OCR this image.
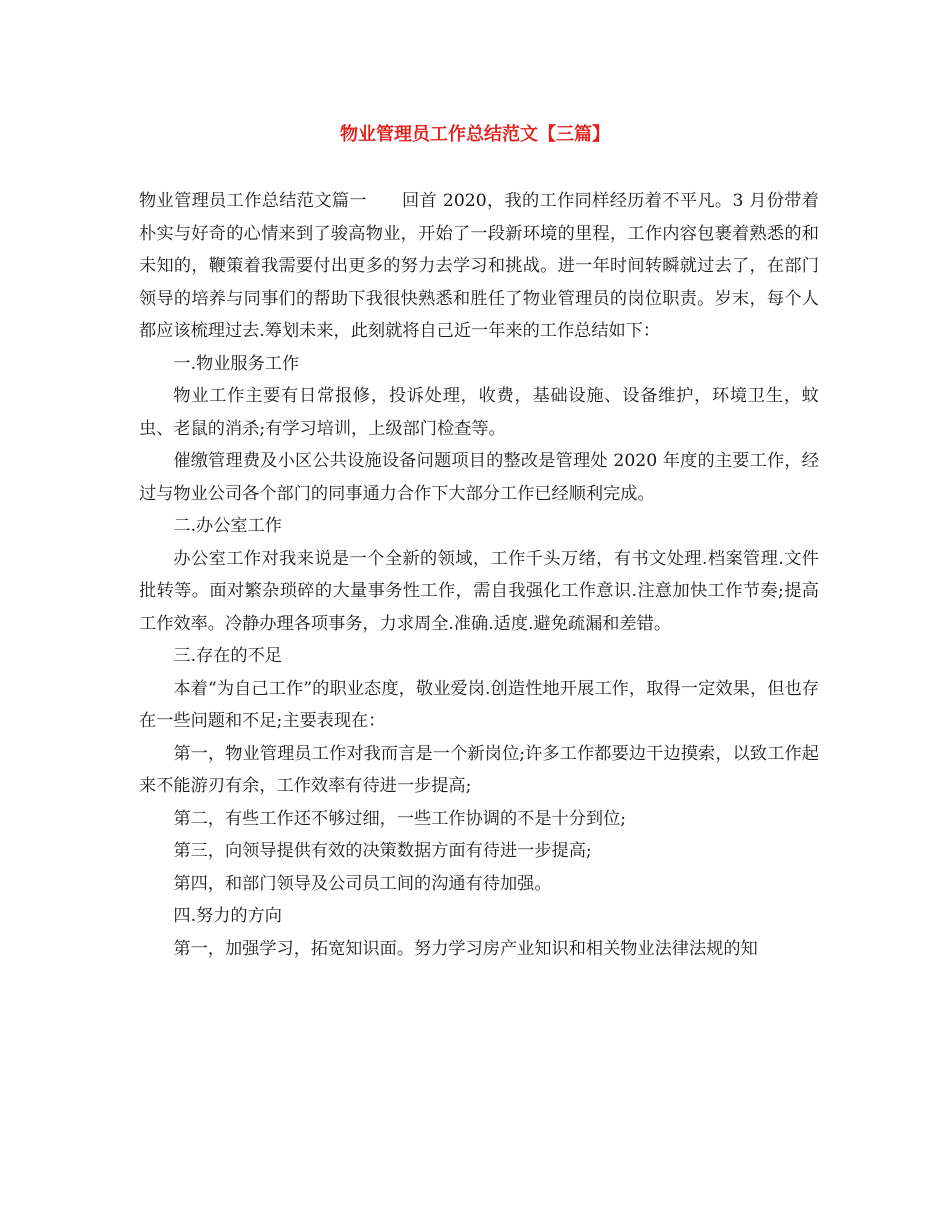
物业管理员工作总结范文【三篇】

物业管理员工作总结范文篇一　　回首 2020，我的工作同样经历着不平凡。3 月份带着朴实与好奇的心情来到了骏高物业，开始了一段新环境的里程，工作内容包裹着熟悉的和未知的，鞭策着我需要付出更多的努力去学习和挑战。进一年时间转瞬就过去了，在部门领导的培养与同事们的帮助下我很快熟悉和胜任了物业管理员的岗位职责。岁末，每个人都应该梳理过去.筹划未来，此刻就将自己近一年来的工作总结如下：

一.物业服务工作

物业工作主要有日常报修，投诉处理，收费，基础设施、设备维护，环境卫生，蚊虫、老鼠的消杀;有学习培训，上级部门检查等。

催缴管理费及小区公共设施设备问题项目的整改是管理处 2020 年度的主要工作，经过与物业公司各个部门的同事通力合作下大部分工作已经顺利完成。

二.办公室工作

办公室工作对我来说是一个全新的领域，工作千头万绪，有书文处理.档案管理.文件批转等。面对繁杂琐碎的大量事务性工作，需自我强化工作意识.注意加快工作节奏;提高工作效率。冷静办理各项事务，力求周全.准确.适度.避免疏漏和差错。

三.存在的不足

本着“为自己工作”的职业态度，敬业爱岗.创造性地开展工作，取得一定效果，但也存在一些问题和不足;主要表现在：

第一，物业管理员工作对我而言是一个新岗位;许多工作都要边干边摸索，以致工作起来不能游刃有余，工作效率有待进一步提高;

第二，有些工作还不够过细，一些工作协调的不是十分到位;

第三，向领导提供有效的决策数据方面有待进一步提高;

第四，和部门领导及公司员工间的沟通有待加强。

四.努力的方向

第一，加强学习，拓宽知识面。努力学习房产业知识和相关物业法律法规的知
